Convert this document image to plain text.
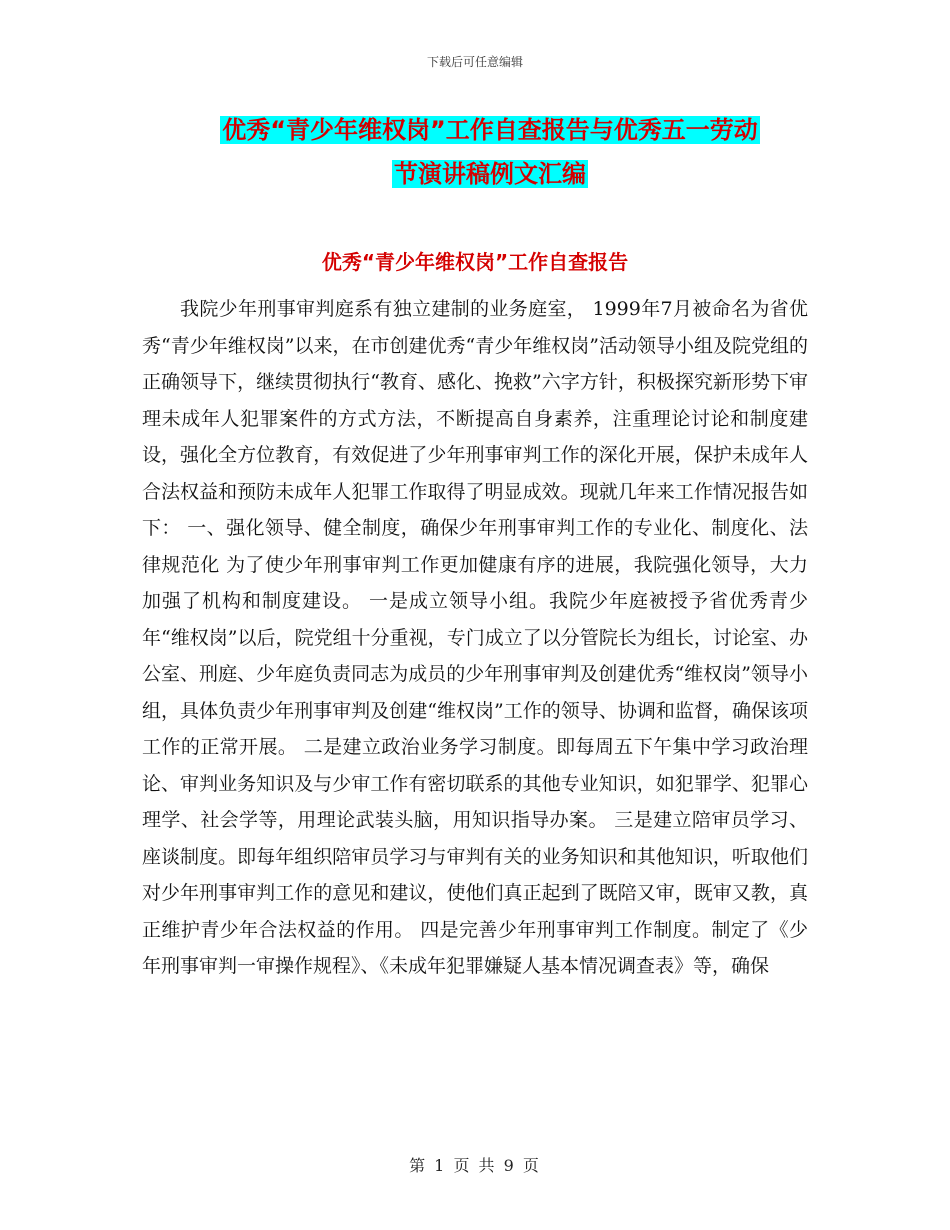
下载后可任意编辑
优秀“青少年维权岗”工作自查报告与优秀五一劳动
节演讲稿例文汇编
优秀“青少年维权岗”工作自查报告

我院少年刑事审判庭系有独立建制的业务庭室， 1999年7月被命名为省优秀“青少年维权岗”以来，在市创建优秀“青少年维权岗”活动领导小组及院党组的正确领导下，继续贯彻执行“教育、感化、挽救”六字方针，积极探究新形势下审理未成年人犯罪案件的方式方法，不断提高自身素养，注重理论讨论和制度建设，强化全方位教育，有效促进了少年刑事审判工作的深化开展，保护未成年人合法权益和预防未成年人犯罪工作取得了明显成效。现就几年来工作情况报告如下： 一、强化领导、健全制度，确保少年刑事审判工作的专业化、制度化、法律规范化 为了使少年刑事审判工作更加健康有序的进展，我院强化领导，大力加强了机构和制度建设。 一是成立领导小组。我院少年庭被授予省优秀青少年“维权岗”以后，院党组十分重视，专门成立了以分管院长为组长，讨论室、办公室、刑庭、少年庭负责同志为成员的少年刑事审判及创建优秀“维权岗”领导小组，具体负责少年刑事审判及创建“维权岗”工作的领导、协调和监督，确保该项工作的正常开展。 二是建立政治业务学习制度。即每周五下午集中学习政治理论、审判业务知识及与少审工作有密切联系的其他专业知识，如犯罪学、犯罪心理学、社会学等，用理论武装头脑，用知识指导办案。 三是建立陪审员学习、座谈制度。即每年组织陪审员学习与审判有关的业务知识和其他知识，听取他们对少年刑事审判工作的意见和建议，使他们真正起到了既陪又审，既审又教，真正维护青少年合法权益的作用。 四是完善少年刑事审判工作制度。制定了《少年刑事审判一审操作规程》、《未成年犯罪嫌疑人基本情况调查表》等，确保

第 1 页 共 9 页
